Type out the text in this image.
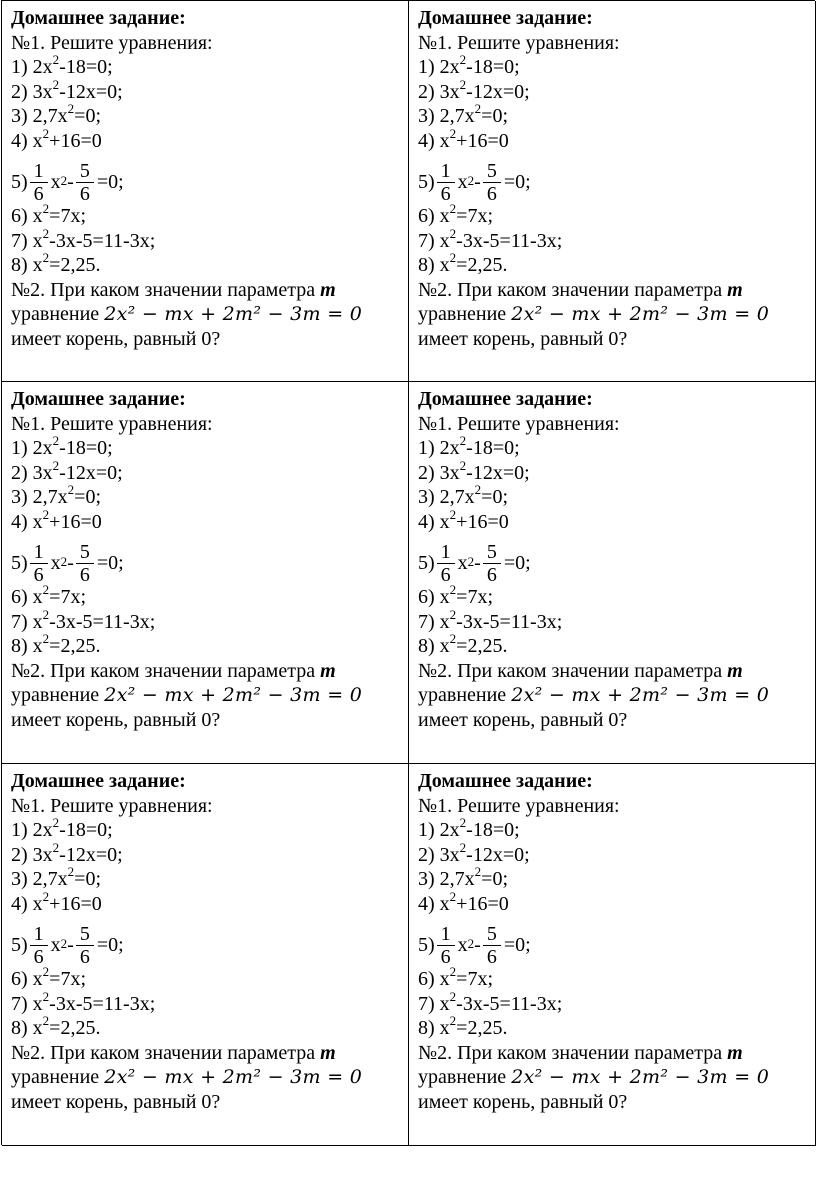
Домашнее задание:
№1. Решите уравнения:
1) $2x^2-18=0$;
2) $3x^2-12x=0$;
3) $2,7x^2=0$;
4) $x^2+16=0$
$5) \frac{1}{6} x^2 - \frac{5}{6} =0$;
6) $x^2=7x$;
7) $x^2-3x-5=11-3x$;
8) $x^2=2,25$.
№2. При каком значении параметра m
уравнение 2x² − mx + 2m² − 3m = 0
имеет корень, равный 0?
Домашнее задание:
№1. Решите уравнения:
1) $2x^2-18=0$;
2) $3x^2-12x=0$;
3) $2,7x^2=0$;
4) $x^2+16=0$
$5) \frac{1}{6} x^2 - \frac{5}{6} =0$;
6) $x^2=7x$;
7) $x^2-3x-5=11-3x$;
8) $x^2=2,25$.
№2. При каком значении параметра m
уравнение 2x² − mx + 2m² − 3m = 0
имеет корень, равный 0?
Домашнее задание:
№1. Решите уравнения:
1) $2x^2-18=0$;
2) $3x^2-12x=0$;
3) $2,7x^2=0$;
4) $x^2+16=0$
$5) \frac{1}{6} x^2 - \frac{5}{6} =0$;
6) $x^2=7x$;
7) $x^2-3x-5=11-3x$;
8) $x^2=2,25$.
№2. При каком значении параметра m
уравнение 2x² − mx + 2m² − 3m = 0
имеет корень, равный 0?
Домашнее задание:
№1. Решите уравнения:
1) $2x^2-18=0$;
2) $3x^2-12x=0$;
3) $2,7x^2=0$;
4) $x^2+16=0$
$5) \frac{1}{6} x^2 - \frac{5}{6} =0$;
6) $x^2=7x$;
7) $x^2-3x-5=11-3x$;
8) $x^2=2,25$.
№2. При каком значении параметра m
уравнение 2x² − mx + 2m² − 3m = 0
имеет корень, равный 0?
Домашнее задание:
№1. Решите уравнения:
1) $2x^2-18=0$;
2) $3x^2-12x=0$;
3) $2,7x^2=0$;
4) $x^2+16=0$
$5) \frac{1}{6} x^2 - \frac{5}{6} =0$;
6) $x^2=7x$;
7) $x^2-3x-5=11-3x$;
8) $x^2=2,25$.
№2. При каком значении параметра m
уравнение 2x² − mx + 2m² − 3m = 0
имеет корень, равный 0?
Домашнее задание:
№1. Решите уравнения:
1) $2x^2-18=0$;
2) $3x^2-12x=0$;
3) $2,7x^2=0$;
4) $x^2+16=0$
$5) \frac{1}{6} x^2 - \frac{5}{6} =0$;
6) $x^2=7x$;
7) $x^2-3x-5=11-3x$;
8) $x^2=2,25$.
№2. При каком значении параметра m
уравнение 2x² − mx + 2m² − 3m = 0
имеет корень, равный 0?
